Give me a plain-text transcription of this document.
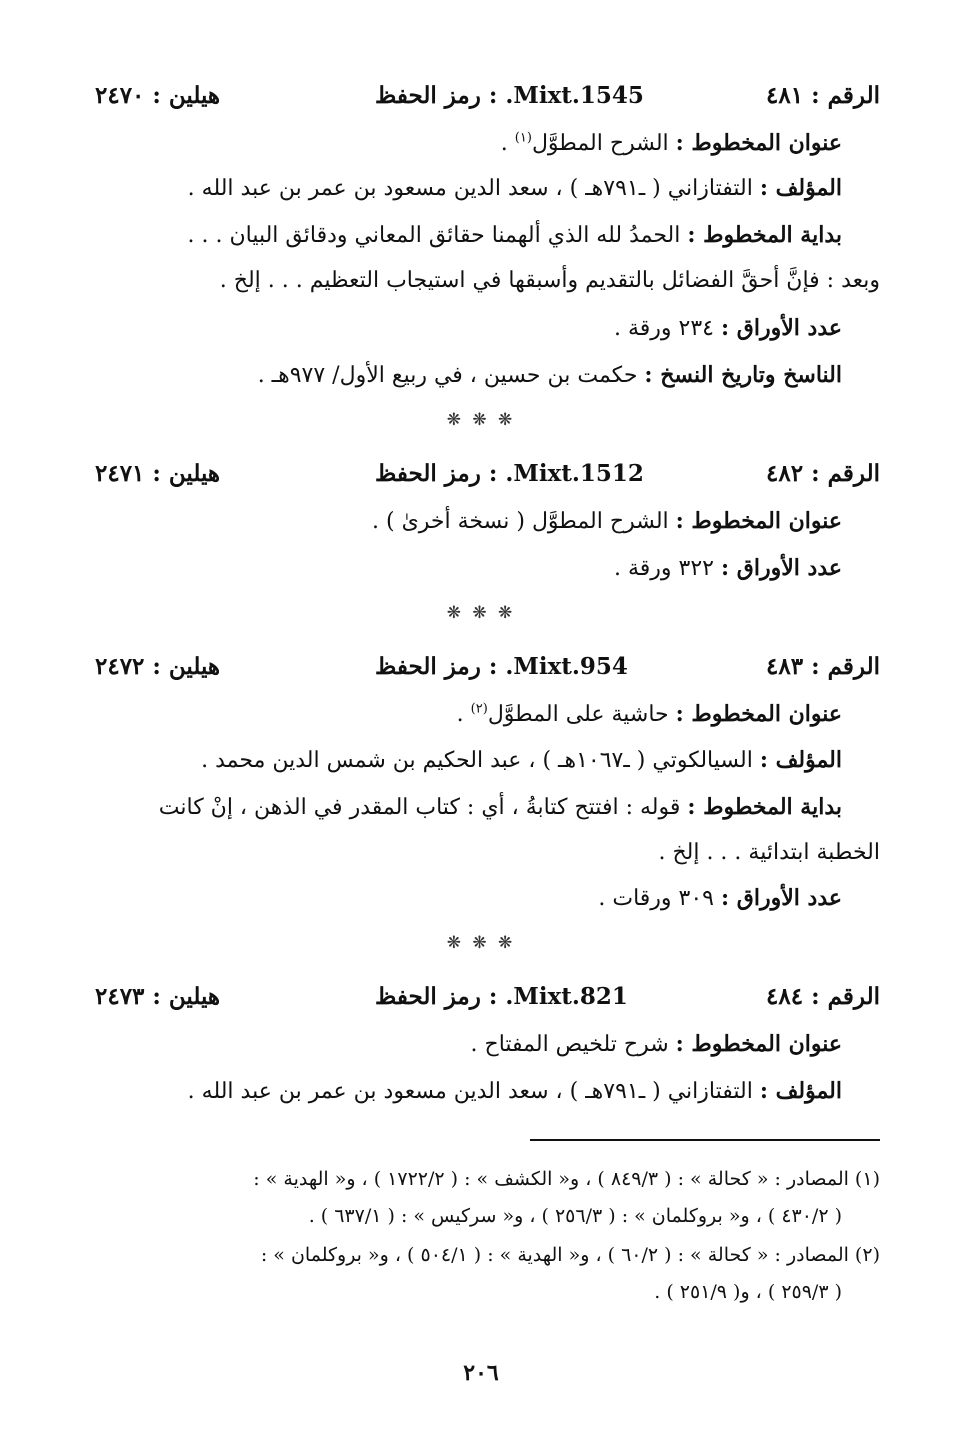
الرقم : ٤٨١
رمز الحفظ : .Mixt.1545
هيلين : ٢٤٧٠
عنوان المخطوط : الشرح المطوَّل$^{(١)}$ .
المؤلف : التفتازاني ( ـ٧٩١هـ ) ، سعد الدين مسعود بن عمر بن عبد الله .
بداية المخطوط : الحمدُ لله الذي ألهمنا حقائق المعاني ودقائق البيان . . .
وبعد : فإنَّ أحقَّ الفضائل بالتقديم وأسبقها في استيجاب التعظيم . . . إلخ .
عدد الأوراق : ٢٣٤ ورقة .
الناسخ وتاريخ النسخ : حكمت بن حسين ، في ربيع الأول/ ٩٧٧هـ .
❋ ❋ ❋
الرقم : ٤٨٢
رمز الحفظ : .Mixt.1512
هيلين : ٢٤٧١
عنوان المخطوط : الشرح المطوَّل ( نسخة أخرىٰ ) .
عدد الأوراق : ٣٢٢ ورقة .
❋ ❋ ❋
الرقم : ٤٨٣
رمز الحفظ : .Mixt.954
هيلين : ٢٤٧٢
عنوان المخطوط : حاشية على المطوَّل$^{(٢)}$ .
المؤلف : السيالكوتي ( ـ١٠٦٧هـ ) ، عبد الحكيم بن شمس الدين محمد .
بداية المخطوط : قوله : افتتح كتابةُ ، أي : كتاب المقدر في الذهن ، إنْ كانت
الخطبة ابتدائية . . . إلخ .
عدد الأوراق : ٣٠٩ ورقات .
❋ ❋ ❋
الرقم : ٤٨٤
رمز الحفظ : .Mixt.821
هيلين : ٢٤٧٣
عنوان المخطوط : شرح تلخيص المفتاح .
المؤلف : التفتازاني ( ـ٧٩١هـ ) ، سعد الدين مسعود بن عمر بن عبد الله .
(١) المصادر : « كحالة » : ( ٨٤٩/٣ ) ، و« الكشف » : ( ١٧٢٢/٢ ) ، و« الهدية » :
( ٤٣٠/٢ ) ، و« بروكلمان » : ( ٢٥٦/٣ ) ، و« سركيس » : ( ٦٣٧/١ ) .
(٢) المصادر : « كحالة » : ( ٦٠/٢ ) ، و« الهدية » : ( ٥٠٤/١ ) ، و« بروكلمان » :
( ٢٥٩/٣ ) ، و( ٢٥١/٩ ) .
٢٠٦
